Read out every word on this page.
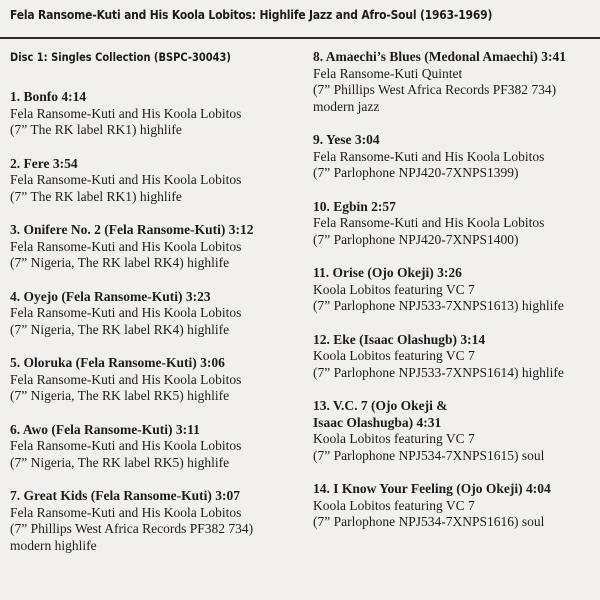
Fela Ransome-Kuti and His Koola Lobitos: Highlife Jazz and Afro-Soul (1963-1969)
Disc 1: Singles Collection (BSPC-30043)
1. Bonfo 4:14
Fela Ransome-Kuti and His Koola Lobitos
(7” The RK label RK1) highlife
2. Fere 3:54
Fela Ransome-Kuti and His Koola Lobitos
(7” The RK label RK1) highlife
3. Onifere No. 2 (Fela Ransome-Kuti) 3:12
Fela Ransome-Kuti and His Koola Lobitos
(7” Nigeria, The RK label RK4) highlife
4. Oyejo (Fela Ransome-Kuti) 3:23
Fela Ransome-Kuti and His Koola Lobitos
(7” Nigeria, The RK label RK4) highlife
5. Oloruka (Fela Ransome-Kuti) 3:06
Fela Ransome-Kuti and His Koola Lobitos
(7” Nigeria, The RK label RK5) highlife
6. Awo (Fela Ransome-Kuti) 3:11
Fela Ransome-Kuti and His Koola Lobitos
(7” Nigeria, The RK label RK5) highlife
7. Great Kids (Fela Ransome-Kuti) 3:07
Fela Ransome-Kuti and His Koola Lobitos
(7” Phillips West Africa Records PF382 734)
modern highlife
8. Amaechi’s Blues (Medonal Amaechi) 3:41
Fela Ransome-Kuti Quintet
(7” Phillips West Africa Records PF382 734)
modern jazz
9. Yese 3:04
Fela Ransome-Kuti and His Koola Lobitos
(7” Parlophone NPJ420-7XNPS1399)
10. Egbin 2:57
Fela Ransome-Kuti and His Koola Lobitos
(7” Parlophone NPJ420-7XNPS1400)
11. Orise (Ojo Okeji) 3:26
Koola Lobitos featuring VC 7
(7” Parlophone NPJ533-7XNPS1613) highlife
12. Eke (Isaac Olashugb) 3:14
Koola Lobitos featuring VC 7
(7” Parlophone NPJ533-7XNPS1614) highlife
13. V.C. 7 (Ojo Okeji &
Isaac Olashugba) 4:31
Koola Lobitos featuring VC 7
(7” Parlophone NPJ534-7XNPS1615) soul
14. I Know Your Feeling (Ojo Okeji) 4:04
Koola Lobitos featuring VC 7
(7” Parlophone NPJ534-7XNPS1616) soul
